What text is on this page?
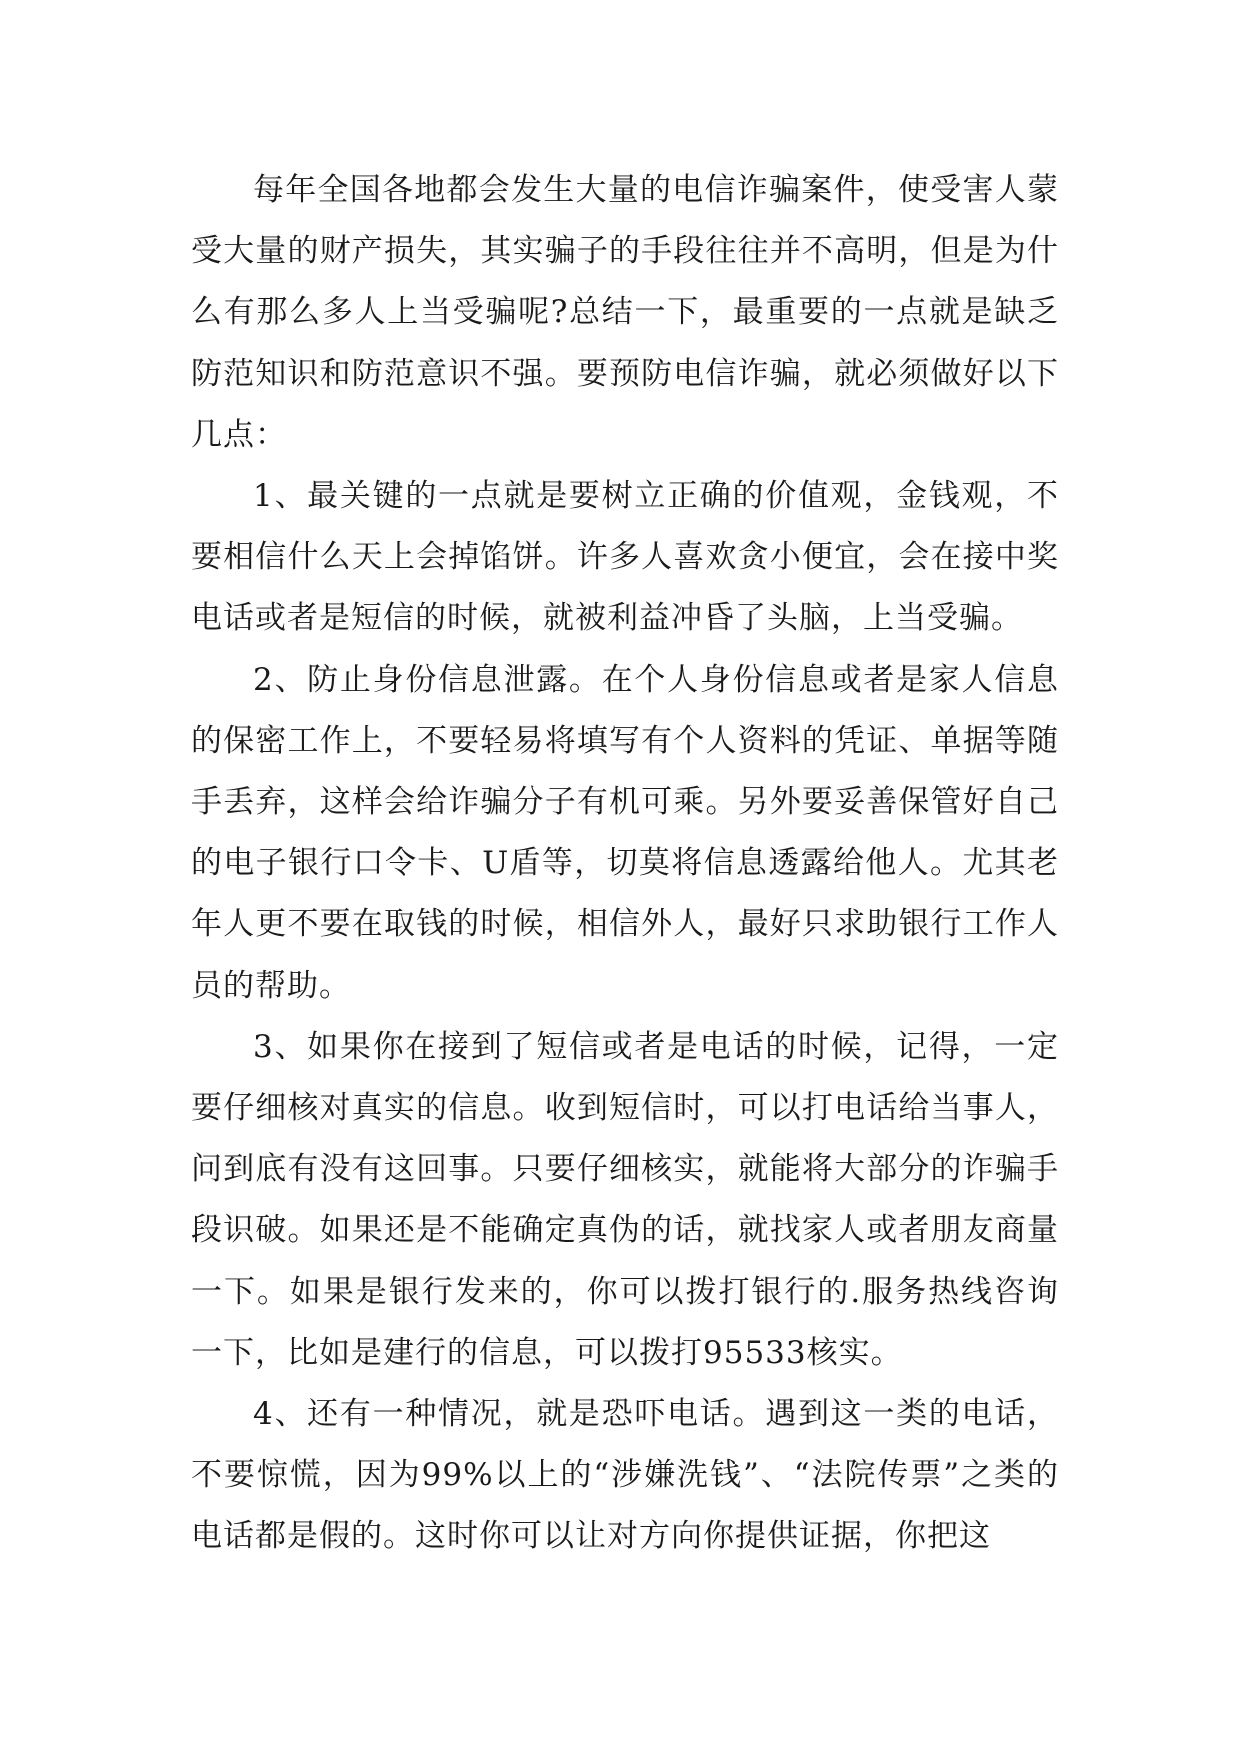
每年全国各地都会发生大量的电信诈骗案件，使受害人蒙受大量的财产损失，其实骗子的手段往往并不高明，但是为什么有那么多人上当受骗呢?总结一下，最重要的一点就是缺乏防范知识和防范意识不强。要预防电信诈骗，就必须做好以下几点：

1、最关键的一点就是要树立正确的价值观，金钱观，不要相信什么天上会掉馅饼。许多人喜欢贪小便宜，会在接中奖电话或者是短信的时候，就被利益冲昏了头脑，上当受骗。

2、防止身份信息泄露。在个人身份信息或者是家人信息的保密工作上，不要轻易将填写有个人资料的凭证、单据等随手丢弃，这样会给诈骗分子有机可乘。另外要妥善保管好自己的电子银行口令卡、U盾等，切莫将信息透露给他人。尤其老年人更不要在取钱的时候，相信外人，最好只求助银行工作人员的帮助。

3、如果你在接到了短信或者是电话的时候，记得，一定要仔细核对真实的信息。收到短信时，可以打电话给当事人，问到底有没有这回事。只要仔细核实，就能将大部分的诈骗手段识破。如果还是不能确定真伪的话，就找家人或者朋友商量一下。如果是银行发来的，你可以拨打银行的.服务热线咨询一下，比如是建行的信息，可以拨打95533核实。

4、还有一种情况，就是恐吓电话。遇到这一类的电话，不要惊慌，因为99%以上的“涉嫌洗钱”、“法院传票”之类的电话都是假的。这时你可以让对方向你提供证据，你把这
